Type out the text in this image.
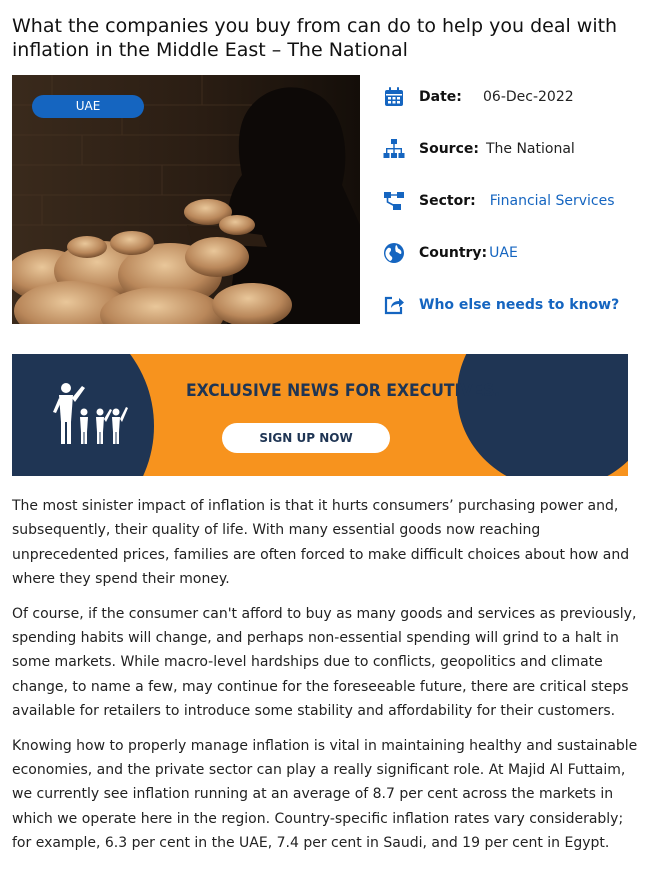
What the companies you buy from can do to help you deal with inflation in the Middle East – The National
UAE
Date:	06-Dec-2022
Source: The National
Sector: Financial Services
Country: UAE
Who else needs to know?
EXCLUSIVE NEWS FOR EXECUTIVES.
SIGN UP NOW

The most sinister impact of inflation is that it hurts consumers’ purchasing power and, subsequently, their quality of life. With many essential goods now reaching unprecedented prices, families are often forced to make difficult choices about how and where they spend their money.

Of course, if the consumer can't afford to buy as many goods and services as previously, spending habits will change, and perhaps non-essential spending will grind to a halt in some markets. While macro-level hardships due to conflicts, geopolitics and climate change, to name a few, may continue for the foreseeable future, there are critical steps available for retailers to introduce some stability and affordability for their customers.

Knowing how to properly manage inflation is vital in maintaining healthy and sustainable economies, and the private sector can play a really significant role. At Majid Al Futtaim, we currently see inflation running at an average of 8.7 per cent across the markets in which we operate here in the region. Country-specific inflation rates vary considerably; for example, 6.3 per cent in the UAE, 7.4 per cent in Saudi, and 19 per cent in Egypt.
